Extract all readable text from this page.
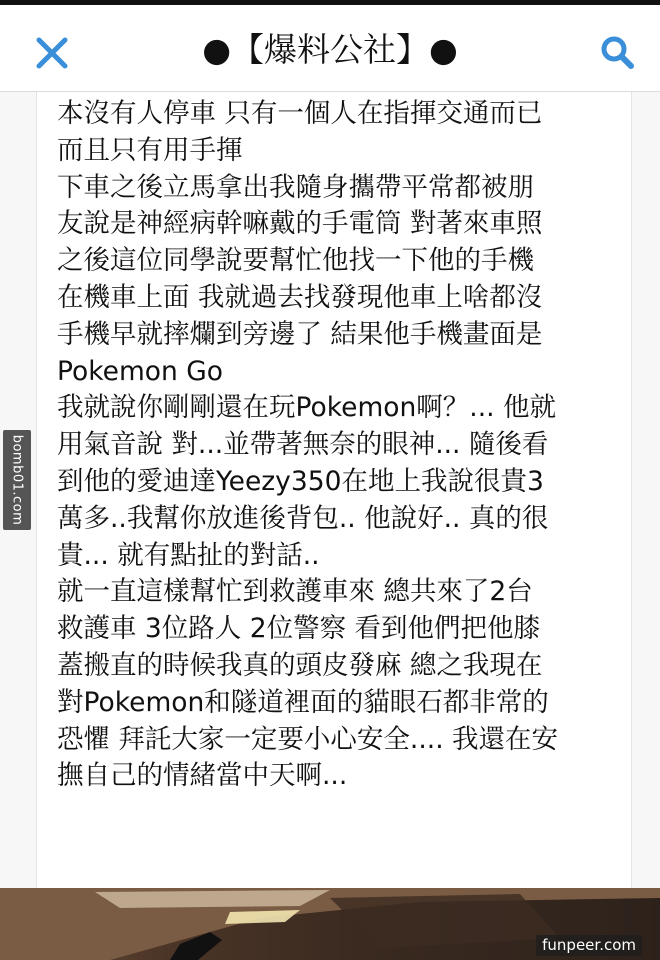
●【爆料公社】●
本沒有人停車 只有一個人在指揮交通而已
而且只有用手揮
下車之後立馬拿出我隨身攜帶平常都被朋
友說是神經病幹嘛戴的手電筒 對著來車照
之後這位同學說要幫忙他找一下他的手機
在機車上面 我就過去找發現他車上啥都沒
手機早就摔爛到旁邊了 結果他手機畫面是
Pokemon Go
我就說你剛剛還在玩Pokemon啊？... 他就
用氣音說 對...並帶著無奈的眼神... 隨後看
到他的愛迪達Yeezy350在地上我說很貴3
萬多..我幫你放進後背包.. 他說好.. 真的很
貴... 就有點扯的對話..
就一直這樣幫忙到救護車來 總共來了2台
救護車 3位路人 2位警察 看到他們把他膝
蓋搬直的時候我真的頭皮發麻 總之我現在
對Pokemon和隧道裡面的貓眼石都非常的
恐懼 拜託大家一定要小心安全.... 我還在安
撫自己的情緒當中天啊...
bomb01.com
funpeer.com
